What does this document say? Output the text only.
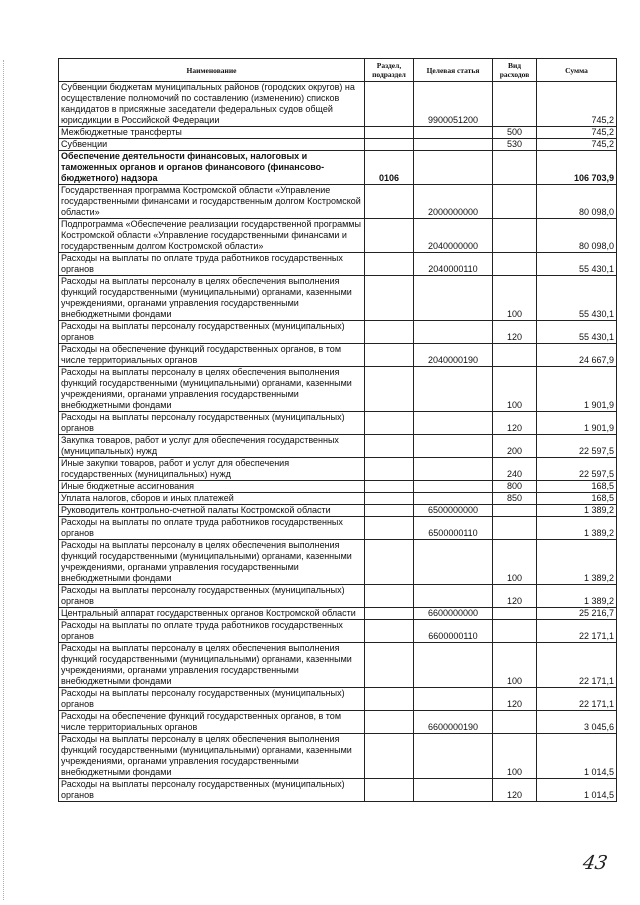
Наименование	Раздел, подраздел	Целевая статья	Вид расходов	Сумма
Субвенции бюджетам муниципальных районов (городских округов) на осуществление полномочий по составлению (изменению) списков кандидатов в присяжные заседатели федеральных судов общей юрисдикции в Российской Федерации		9900051200		745,2
Межбюджетные трансферты			500	745,2
Субвенции			530	745,2
Обеспечение деятельности финансовых, налоговых и таможенных органов и органов финансового (финансово-бюджетного) надзора	0106			106 703,9
Государственная программа Костромской области «Управление государственными финансами и государственным долгом Костромской области»		2000000000		80 098,0
Подпрограмма «Обеспечение реализации государственной программы Костромской области «Управление государственными финансами и государственным долгом Костромской области»		2040000000		80 098,0
Расходы на выплаты по оплате труда работников государственных органов		2040000110		55 430,1
Расходы на выплаты персоналу в целях обеспечения выполнения функций государственными (муниципальными) органами, казенными учреждениями, органами управления государственными внебюджетными фондами			100	55 430,1
Расходы на выплаты персоналу государственных (муниципальных) органов			120	55 430,1
Расходы на обеспечение функций государственных органов, в том числе территориальных органов		2040000190		24 667,9
Расходы на выплаты персоналу в целях обеспечения выполнения функций государственными (муниципальными) органами, казенными учреждениями, органами управления государственными внебюджетными фондами			100	1 901,9
Расходы на выплаты персоналу государственных (муниципальных) органов			120	1 901,9
Закупка товаров, работ и услуг для обеспечения государственных (муниципальных) нужд			200	22 597,5
Иные закупки товаров, работ и услуг для обеспечения государственных (муниципальных) нужд			240	22 597,5
Иные бюджетные ассигнования			800	168,5
Уплата налогов, сборов и иных платежей			850	168,5
Руководитель контрольно-счетной палаты Костромской области		6500000000		1 389,2
Расходы на выплаты по оплате труда работников государственных органов		6500000110		1 389,2
Расходы на выплаты персоналу в целях обеспечения выполнения функций государственными (муниципальными) органами, казенными учреждениями, органами управления государственными внебюджетными фондами			100	1 389,2
Расходы на выплаты персоналу государственных (муниципальных) органов			120	1 389,2
Центральный аппарат государственных органов Костромской области		6600000000		25 216,7
Расходы на выплаты по оплате труда работников государственных органов		6600000110		22 171,1
Расходы на выплаты персоналу в целях обеспечения выполнения функций государственными (муниципальными) органами, казенными учреждениями, органами управления государственными внебюджетными фондами			100	22 171,1
Расходы на выплаты персоналу государственных (муниципальных) органов			120	22 171,1
Расходы на обеспечение функций государственных органов, в том числе территориальных органов		6600000190		3 045,6
Расходы на выплаты персоналу в целях обеспечения выполнения функций государственными (муниципальными) органами, казенными учреждениями, органами управления государственными внебюджетными фондами			100	1 014,5
Расходы на выплаты персоналу государственных (муниципальных) органов			120	1 014,5
43
